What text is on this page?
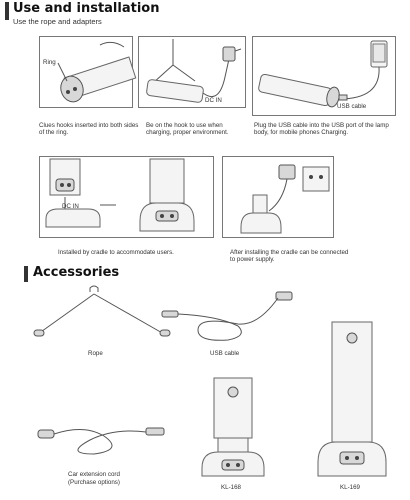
Use and installation
Use the rope and adapters
Ring
Clues hooks inserted into both sides of the ring.
DC IN
Be on the hook to use when charging, proper environment.
USB cable
Plug the USB cable into the USB port of the lamp body, for mobile phones Charging.
DC IN
Installed by cradle to accommodate users.	After installing the cradle can be connected to power supply.
Accessories
Rope	USB cable
Car extension cord
(Purchase options)
KL-168	KL-169
